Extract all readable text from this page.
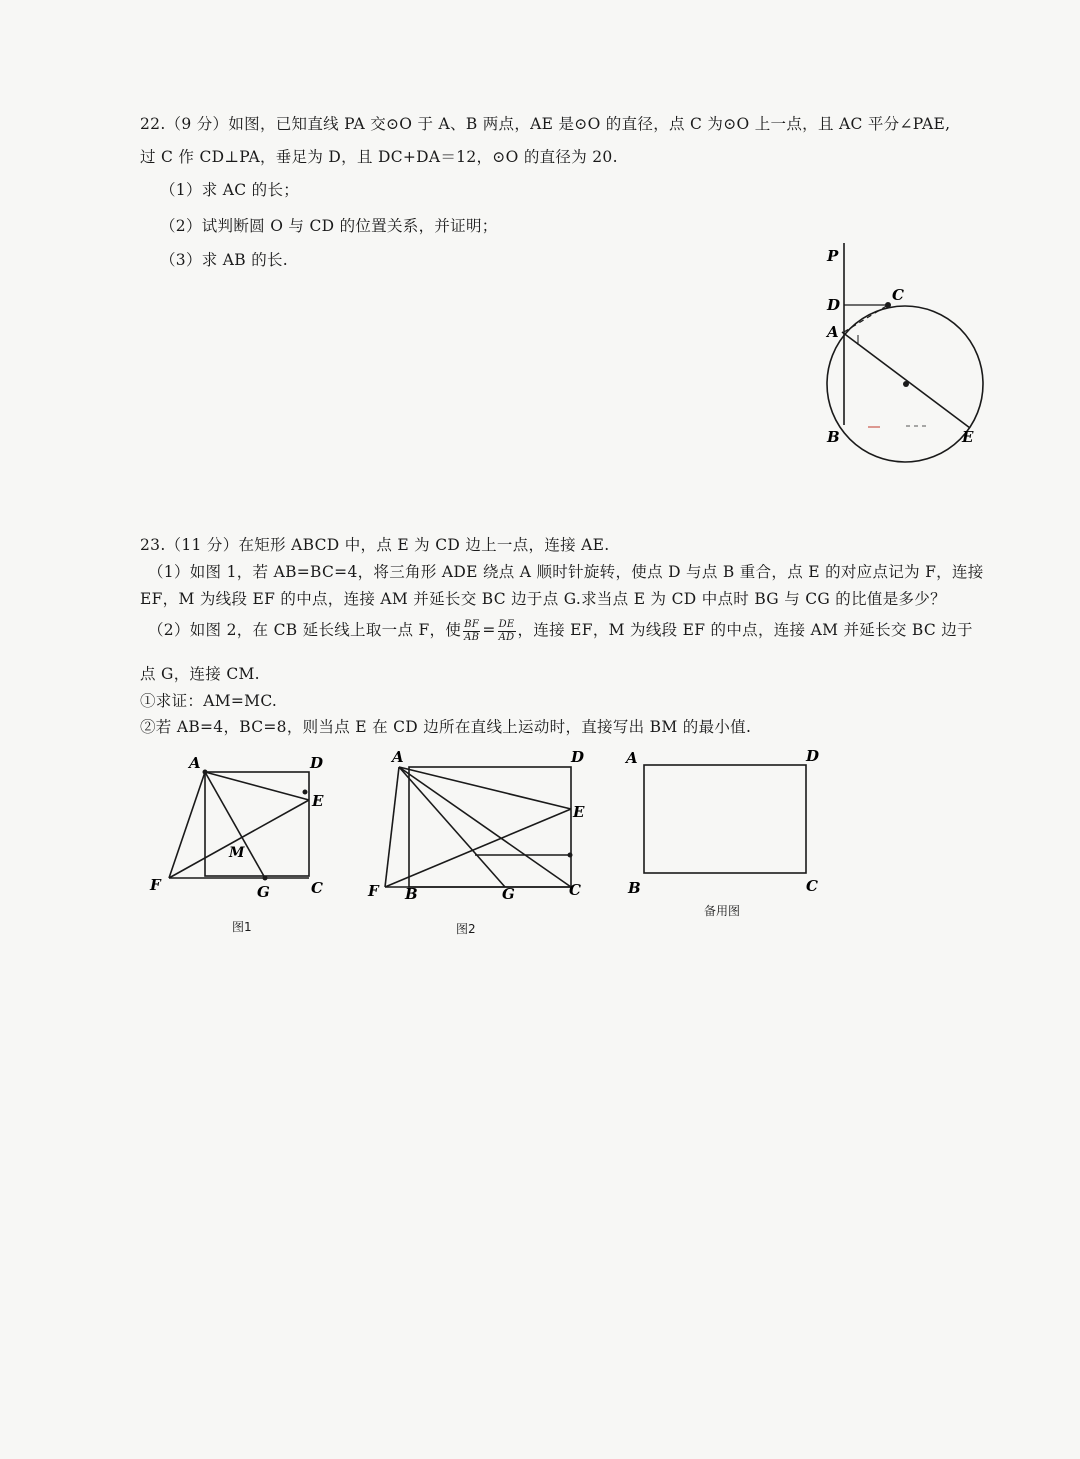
22.（9 分）如图，已知直线 PA 交⊙O 于 A、B 两点，AE 是⊙O 的直径，点 C 为⊙O 上一点，且 AC 平分∠PAE,
过 C 作 CD⊥PA，垂足为 D，且 DC+DA＝12，⊙O 的直径为 20.
（1）求 AC 的长；
（2）试判断圆 O 与 CD 的位置关系，并证明；
（3）求 AB 的长.	P
D
C
A
B	E
23.（11 分）在矩形 ABCD 中，点 E 为 CD 边上一点，连接 AE.
（1）如图 1，若 AB=BC=4，将三角形 ADE 绕点 A 顺时针旋转，使点 D 与点 B 重合，点 E 的对应点记为 F，连接
EF，M 为线段 EF 的中点，连接 AM 并延长交 BC 边于点 G.求当点 E 为 CD 中点时 BG 与 CG 的比值是多少？
（2）如图 2，在 CB 延长线上取一点 F，使 $\frac{BF}{AB} = \frac{DE}{AD}$ ，连接 EF，M 为线段 EF 的中点，连接 AM 并延长交 BC 边于
点 G，连接 CM.
①求证：AM=MC.
②若 AB=4，BC=8，则当点 E 在 CD 边所在直线上运动时，直接写出 BM 的最小值.
A	D
E
M
F	G	C
图1
A	D
E
F B	G	C
图2
A	D
B	C
备用图
